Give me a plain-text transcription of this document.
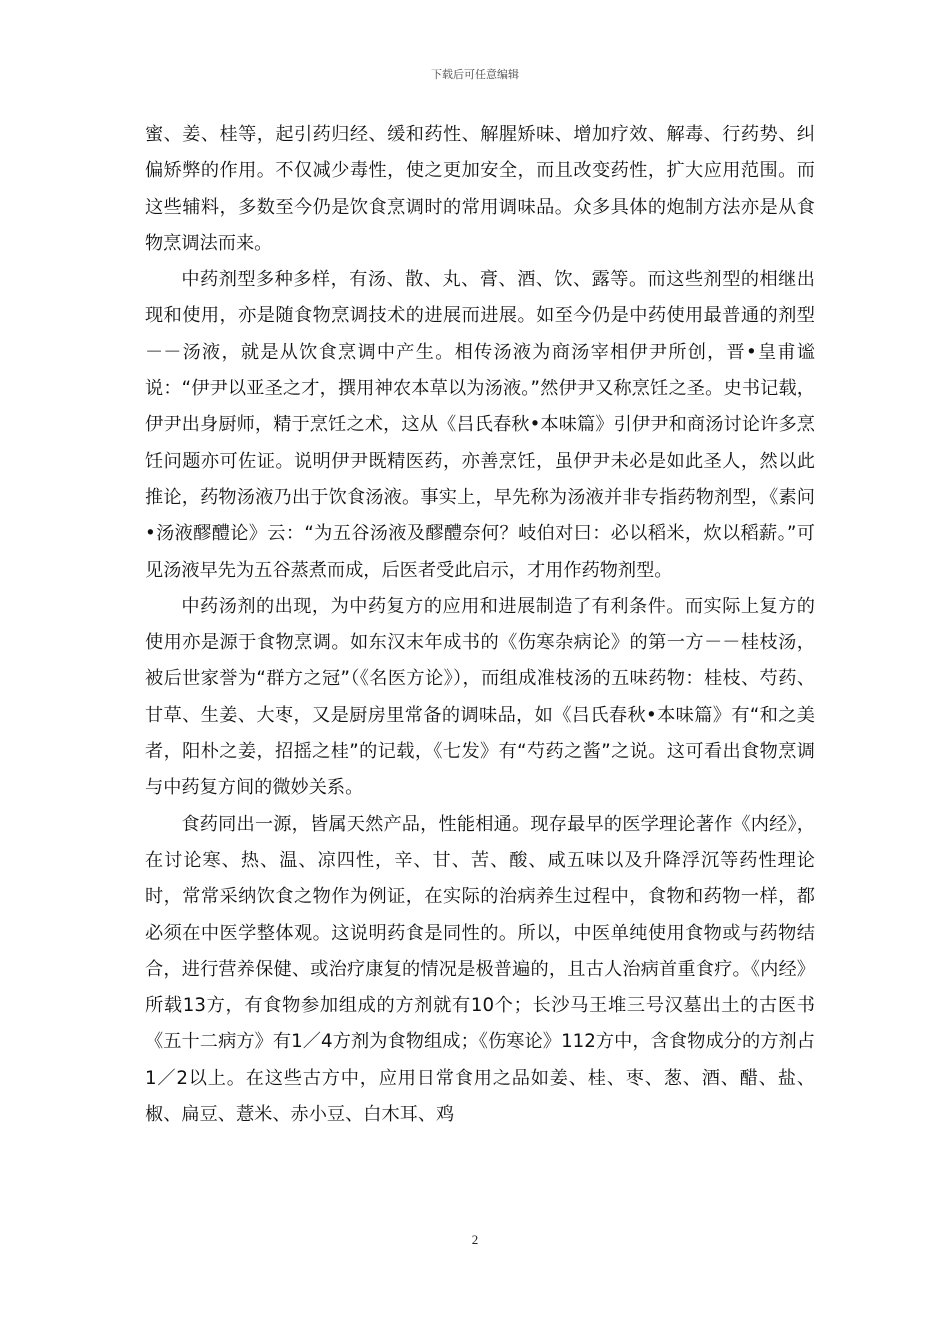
下载后可任意编辑

蜜、姜、桂等，起引药归经、缓和药性、解腥矫味、增加疗效、解毒、行药势、纠偏矫弊的作用。不仅减少毒性，使之更加安全，而且改变药性，扩大应用范围。而这些辅料，多数至今仍是饮食烹调时的常用调味品。众多具体的炮制方法亦是从食物烹调法而来。

中药剂型多种多样，有汤、散、丸、膏、酒、饮、露等。而这些剂型的相继出现和使用，亦是随食物烹调技术的进展而进展。如至今仍是中药使用最普通的剂型－－汤液，就是从饮食烹调中产生。相传汤液为商汤宰相伊尹所创，晋•皇甫谧说：“伊尹以亚圣之才，撰用神农本草以为汤液。”然伊尹又称烹饪之圣。史书记载，伊尹出身厨师，精于烹饪之术，这从《吕氏春秋•本味篇》引伊尹和商汤讨论许多烹饪问题亦可佐证。说明伊尹既精医药，亦善烹饪，虽伊尹未必是如此圣人，然以此推论，药物汤液乃出于饮食汤液。事实上，早先称为汤液并非专指药物剂型，《素问•汤液醪醴论》云：“为五谷汤液及醪醴奈何？岐伯对曰：必以稻米，炊以稻薪。”可见汤液早先为五谷蒸煮而成，后医者受此启示，才用作药物剂型。

中药汤剂的出现，为中药复方的应用和进展制造了有利条件。而实际上复方的使用亦是源于食物烹调。如东汉末年成书的《伤寒杂病论》的第一方－－桂枝汤，被后世家誉为“群方之冠”（《名医方论》），而组成准枝汤的五味药物：桂枝、芍药、甘草、生姜、大枣，又是厨房里常备的调味品，如《吕氏春秋•本味篇》有“和之美者，阳朴之姜，招摇之桂”的记载，《七发》有“芍药之酱”之说。这可看出食物烹调与中药复方间的微妙关系。

食药同出一源，皆属天然产品，性能相通。现存最早的医学理论著作《内经》，在讨论寒、热、温、凉四性，辛、甘、苦、酸、咸五味以及升降浮沉等药性理论时，常常采纳饮食之物作为例证，在实际的治病养生过程中，食物和药物一样，都必须在中医学整体观。这说明药食是同性的。所以，中医单纯使用食物或与药物结合，进行营养保健、或治疗康复的情况是极普遍的，且古人治病首重食疗。《内经》所载13方，有食物参加组成的方剂就有10个；长沙马王堆三号汉墓出土的古医书《五十二病方》有1／4方剂为食物组成；《伤寒论》112方中，含食物成分的方剂占1／2以上。在这些古方中，应用日常食用之品如姜、桂、枣、葱、酒、醋、盐、椒、扁豆、薏米、赤小豆、白木耳、鸡

2
